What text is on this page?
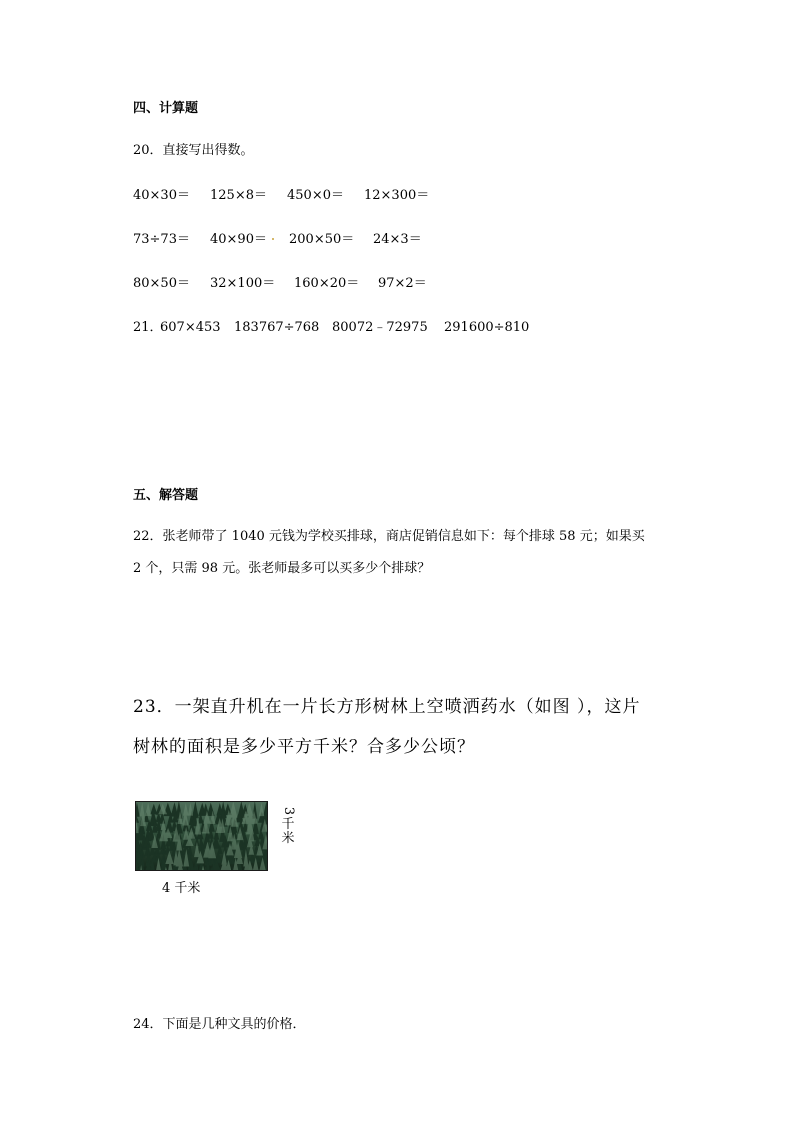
四、计算题
20．直接写出得数。
40×30＝ 125×8＝ 450×0＝ 12×300＝
73÷73＝ 40×90＝ 200×50＝ 24×3＝
80×50＝ 32×100＝ 160×20＝ 97×2＝
21．
607×453 183767÷768 80072﹣72975 291600÷810
五、解答题
22．张老师带了 1040 元钱为学校买排球，商店促销信息如下：每个排球 58 元；如果买
2 个，只需 98 元。张老师最多可以买多少个排球？
23．一架直升机在一片长方形树林上空喷洒药水（如图 ），这片
树林的面积是多少平方千米？合多少公顷？
3
千
米
4 千米
24．下面是几种文具的价格．
